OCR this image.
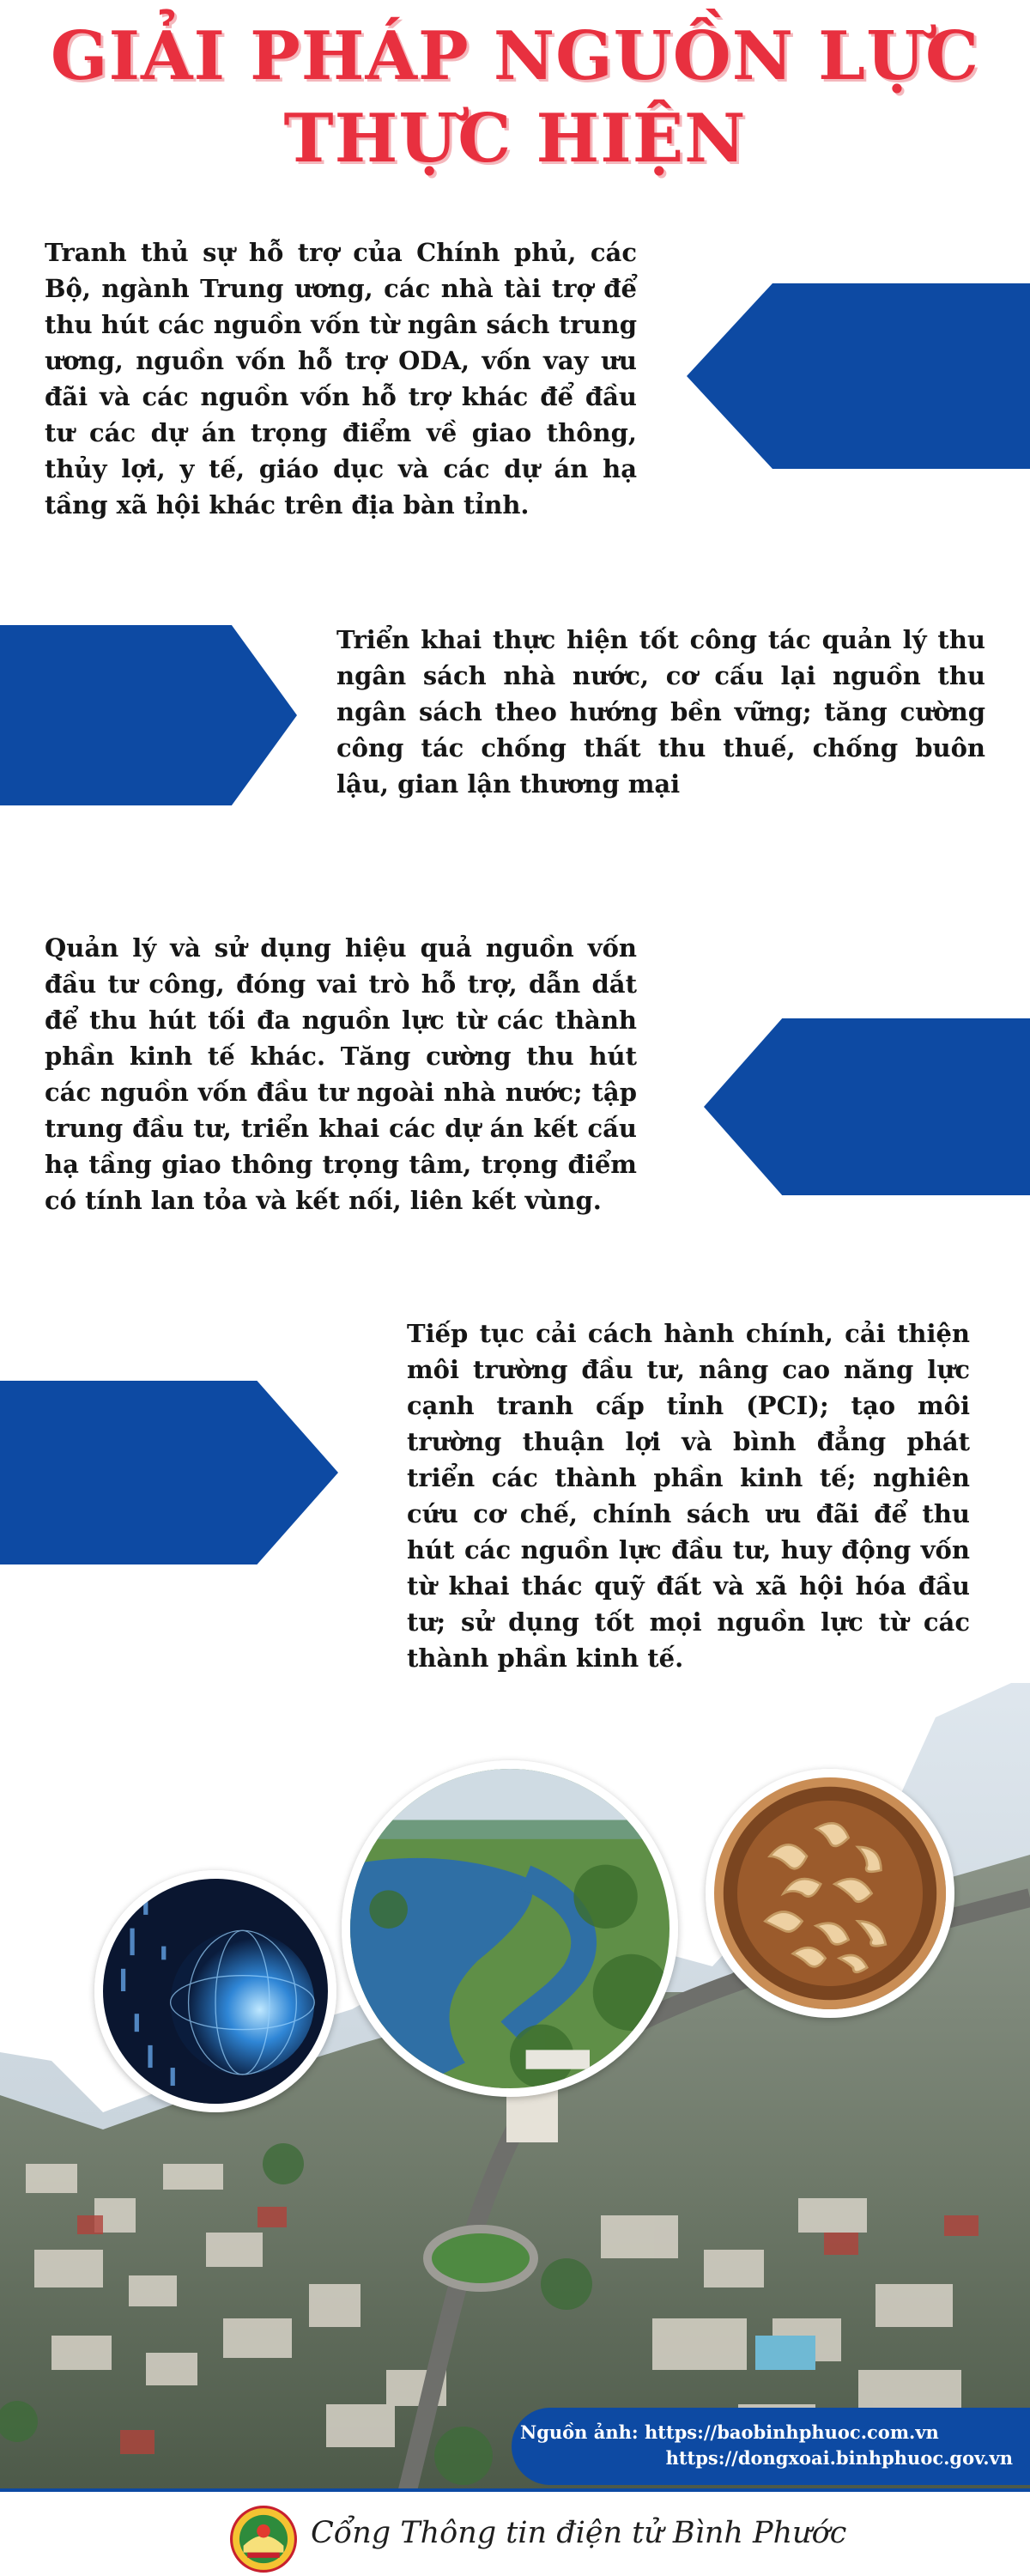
GIẢI PHÁP NGUỒN LỰC
THỰC HIỆN

Tranh thủ sự hỗ trợ của Chính phủ, các Bộ, ngành Trung ương, các nhà tài trợ để thu hút các nguồn vốn từ ngân sách trung ương, nguồn vốn hỗ trợ ODA, vốn vay ưu đãi và các nguồn vốn hỗ trợ khác để đầu tư các dự án trọng điểm về giao thông, thủy lợi, y tế, giáo dục và các dự án hạ tầng xã hội khác trên địa bàn tỉnh.

Triển khai thực hiện tốt công tác quản lý thu ngân sách nhà nước, cơ cấu lại nguồn thu ngân sách theo hướng bền vững; tăng cường công tác chống thất thu thuế, chống buôn lậu, gian lận thương mại

Quản lý và sử dụng hiệu quả nguồn vốn đầu tư công, đóng vai trò hỗ trợ, dẫn dắt để thu hút tối đa nguồn lực từ các thành phần kinh tế khác. Tăng cường thu hút các nguồn vốn đầu tư ngoài nhà nước; tập trung đầu tư, triển khai các dự án kết cấu hạ tầng giao thông trọng tâm, trọng điểm có tính lan tỏa và kết nối, liên kết vùng.

Tiếp tục cải cách hành chính, cải thiện môi trường đầu tư, nâng cao năng lực cạnh tranh cấp tỉnh (PCI); tạo môi trường thuận lợi và bình đẳng phát triển các thành phần kinh tế; nghiên cứu cơ chế, chính sách ưu đãi để thu hút các nguồn lực đầu tư, huy động vốn từ khai thác quỹ đất và xã hội hóa đầu tư; sử dụng tốt mọi nguồn lực từ các thành phần kinh tế.

Nguồn ảnh: https://baobinhphuoc.com.vn
https://dongxoai.binhphuoc.gov.vn
Cổng Thông tin điện tử Bình Phước
